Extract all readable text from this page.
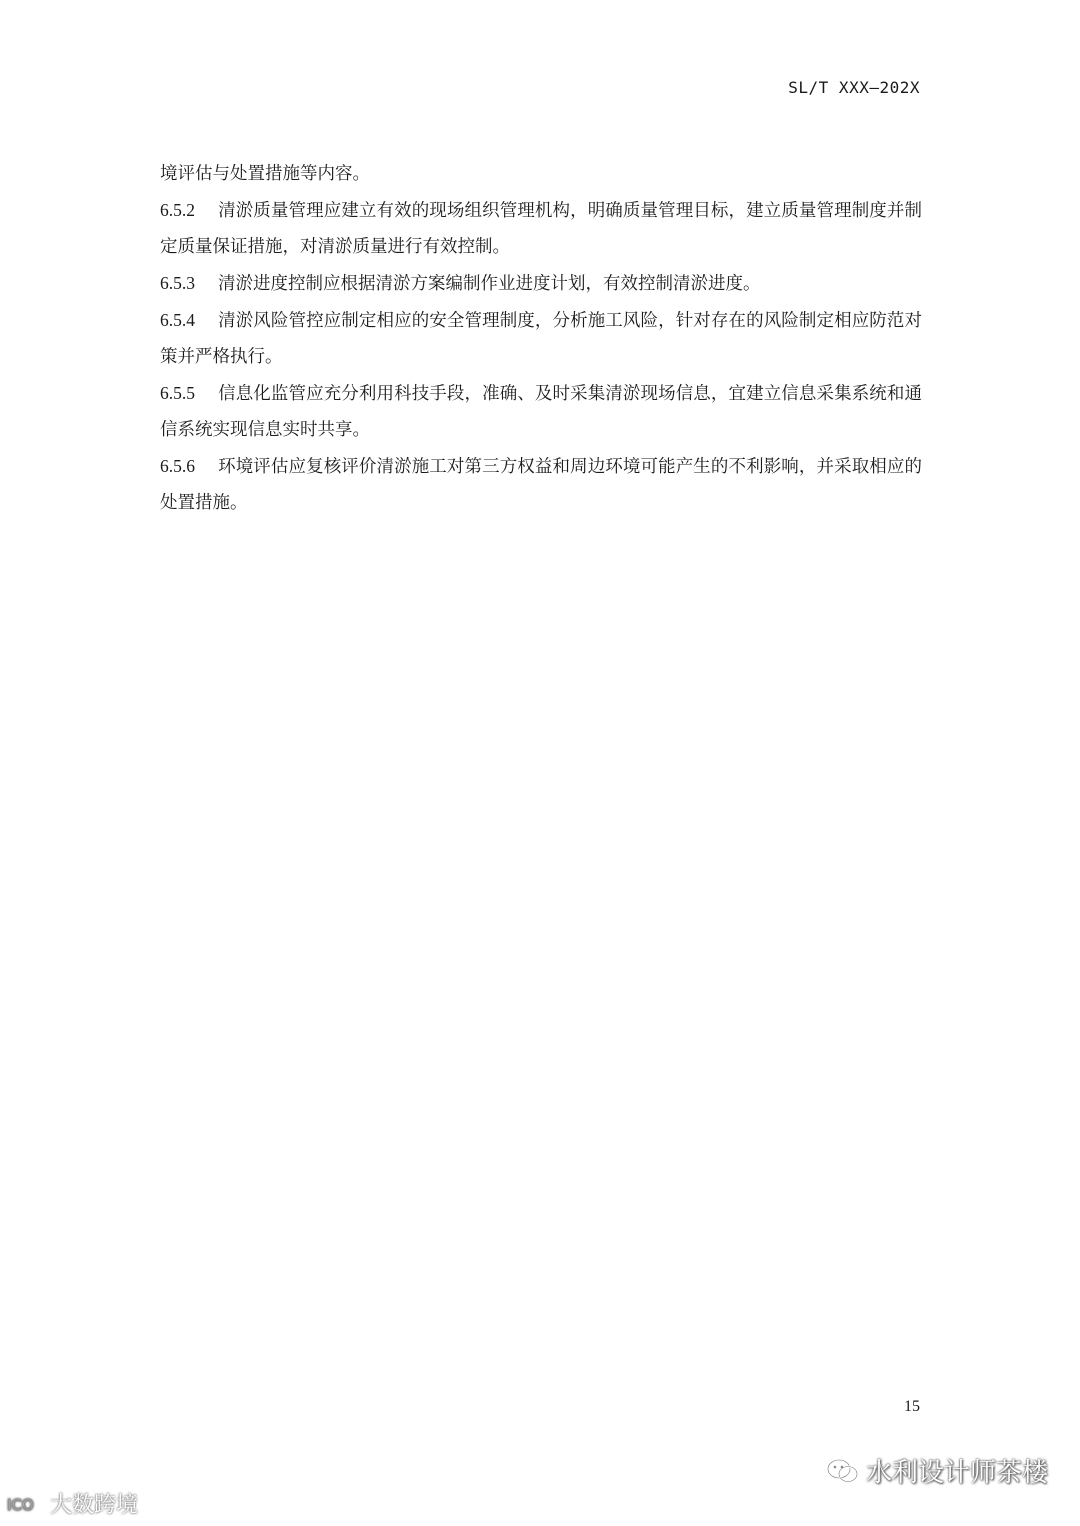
SL/T XXX—202X

境评估与处置措施等内容。

6.5.2 清淤质量管理应建立有效的现场组织管理机构，明确质量管理目标，建立质量管理制度并制定质量保证措施，对清淤质量进行有效控制。

6.5.3 清淤进度控制应根据清淤方案编制作业进度计划，有效控制清淤进度。

6.5.4 清淤风险管控应制定相应的安全管理制度，分析施工风险，针对存在的风险制定相应防范对策并严格执行。

6.5.5 信息化监管应充分利用科技手段，准确、及时采集清淤现场信息，宜建立信息采集系统和通信系统实现信息实时共享。

6.5.6 环境评估应复核评价清淤施工对第三方权益和周边环境可能产生的不利影响，并采取相应的处置措施。

15
水利设计师茶楼
ICO 大数跨境
